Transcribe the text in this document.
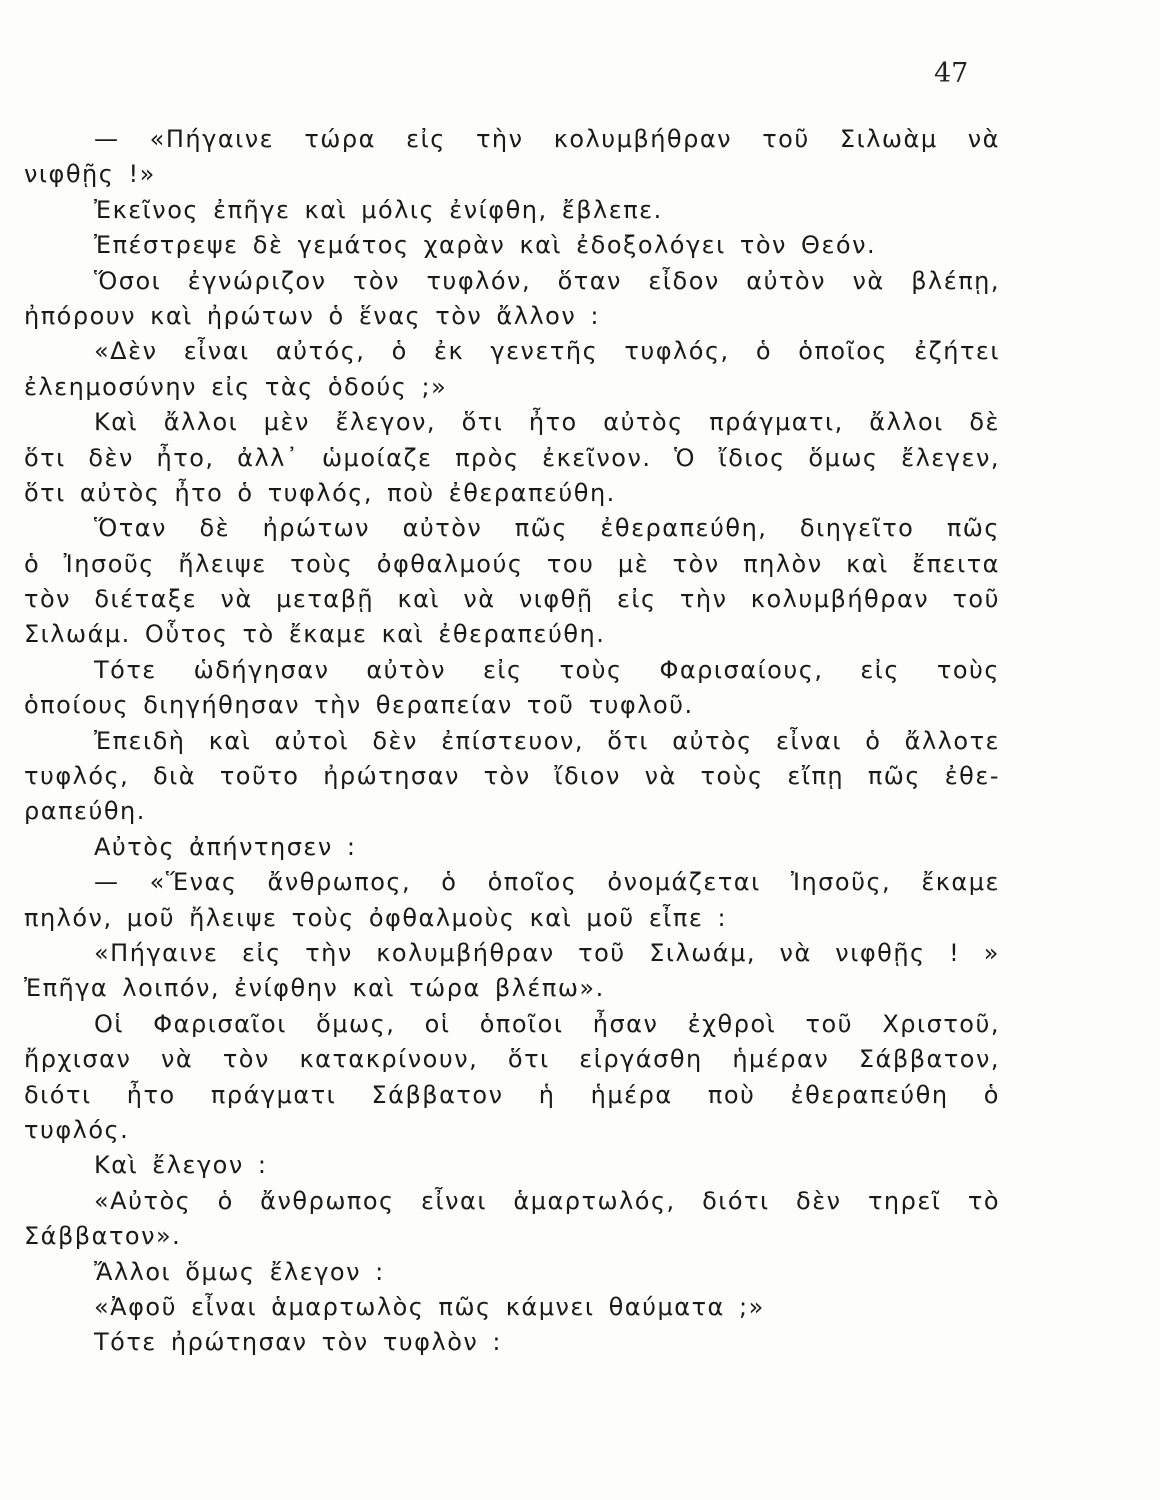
47
— «Πήγαινε τώρα εἰς τὴν κολυμβήθραν τοῦ Σιλωὰμ νὰ
νιφθῇς !»
Ἐκεῖνος ἐπῆγε καὶ μόλις ἐνίφθη, ἔβλεπε.
Ἐπέστρεψε δὲ γεμάτος χαρὰν καὶ ἐδοξολόγει τὸν Θεόν.
Ὅσοι ἐγνώριζον τὸν τυφλόν, ὅταν εἶδον αὐτὸν νὰ βλέπῃ,
ἠπόρουν καὶ ἠρώτων ὁ ἕνας τὸν ἄλλον :
«Δὲν εἶναι αὐτός, ὁ ἐκ γενετῆς τυφλός, ὁ ὁποῖος ἐζήτει
ἐλεημοσύνην εἰς τὰς ὁδούς ;»
Καὶ ἄλλοι μὲν ἔλεγον, ὅτι ἦτο αὐτὸς πράγματι, ἄλλοι δὲ
ὅτι δὲν ἦτο, ἀλλ᾽ ὡμοίαζε πρὸς ἐκεῖνον. Ὁ ἴδιος ὅμως ἔλεγεν,
ὅτι αὐτὸς ἦτο ὁ τυφλός, ποὺ ἐθεραπεύθη.
Ὅταν δὲ ἠρώτων αὐτὸν πῶς ἐθεραπεύθη, διηγεῖτο πῶς
ὁ Ἰησοῦς ἤλειψε τοὺς ὀφθαλμούς του μὲ τὸν πηλὸν καὶ ἔπειτα
τὸν διέταξε νὰ μεταβῇ καὶ νὰ νιφθῇ εἰς τὴν κολυμβήθραν τοῦ
Σιλωάμ. Οὗτος τὸ ἔκαμε καὶ ἐθεραπεύθη.
Τότε ὡδήγησαν αὐτὸν εἰς τοὺς Φαρισαίους, εἰς τοὺς
ὁποίους διηγήθησαν τὴν θεραπείαν τοῦ τυφλοῦ.
Ἐπειδὴ καὶ αὐτοὶ δὲν ἐπίστευον, ὅτι αὐτὸς εἶναι ὁ ἄλλοτε
τυφλός, διὰ τοῦτο ἠρώτησαν τὸν ἴδιον νὰ τοὺς εἴπῃ πῶς ἐθε-
ραπεύθη.
Αὐτὸς ἀπήντησεν :
— «Ἕνας ἄνθρωπος, ὁ ὁποῖος ὀνομάζεται Ἰησοῦς, ἔκαμε
πηλόν, μοῦ ἤλειψε τοὺς ὀφθαλμοὺς καὶ μοῦ εἶπε :
«Πήγαινε εἰς τὴν κολυμβήθραν τοῦ Σιλωάμ, νὰ νιφθῇς ! »
Ἐπῆγα λοιπόν, ἐνίφθην καὶ τώρα βλέπω».
Οἱ Φαρισαῖοι ὅμως, οἱ ὁποῖοι ἦσαν ἐχθροὶ τοῦ Χριστοῦ,
ἤρχισαν νὰ τὸν κατακρίνουν, ὅτι εἰργάσθη ἡμέραν Σάββατον,
διότι ἦτο πράγματι Σάββατον ἡ ἡμέρα ποὺ ἐθεραπεύθη ὁ
τυφλός.
Καὶ ἔλεγον :
«Αὐτὸς ὁ ἄνθρωπος εἶναι ἁμαρτωλός, διότι δὲν τηρεῖ τὸ
Σάββατον».
Ἄλλοι ὅμως ἔλεγον :
«Ἀφοῦ εἶναι ἁμαρτωλὸς πῶς κάμνει θαύματα ;»
Τότε ἠρώτησαν τὸν τυφλὸν :
